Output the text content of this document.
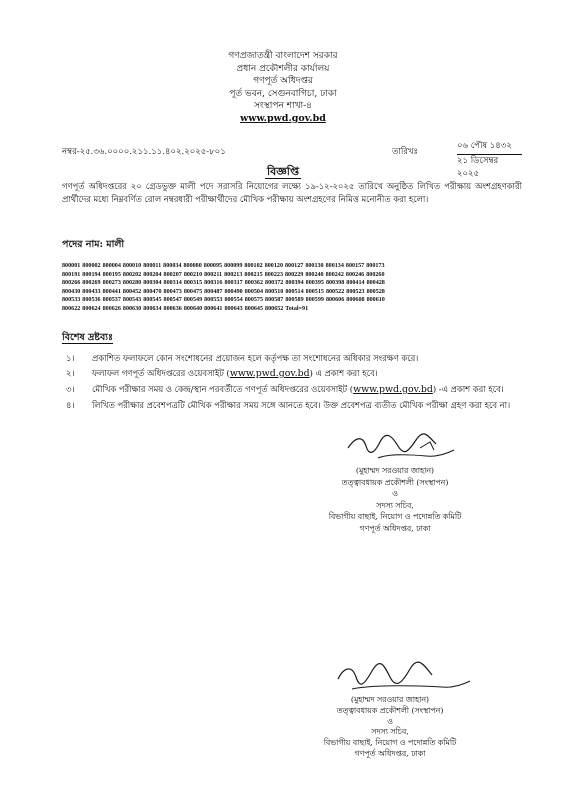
গণপ্রজাতন্ত্রী বাংলাদেশ সরকার
প্রধান প্রকৌশলীর কার্যালয়
গণপূর্ত অধিদপ্তর
পূর্ত ভবন, সেগুনবাগিচা, ঢাকা
সংস্থাপন শাখা-৪
www.pwd.gov.bd
নম্বর-২৫.৩৬.০০০০.২১১.১১.৪০২.২০২৫-৮০১	তারিখঃ
০৬ পৌষ ১৪৩২
২১ ডিসেম্বর ২০২৫
বিজ্ঞপ্তি
গণপূর্ত অধিদপ্তরের ২০ গ্রেডভুক্ত মালী পদে সরাসরি নিয়োগের লক্ষ্যে ১৯-১২-২০২৫ তারিখে অনুষ্ঠিত লিখিত পরীক্ষায় অংশগ্রহণকারী প্রার্থীদের মধ্যে নিম্নবর্ণিত রোল নম্বরধারী পরীক্ষার্থীদের মৌখিক পরীক্ষায় অংশগ্রহণের নিমিত্ত মনোনীত করা হলো।
পদের নাম: মালী
800001 800002 800004 800010 800011 800034 800080 800095 800099 800102 800120 800127 800130 800134 800157 800173
800191 800194 800195 800202 800204 800207 800210 800211 800213 800215 800223 800229 800240 800242 800246 800260
800266 800269 800273 800280 800304 800314 800315 800316 800317 800362 800372 800394 800395 800398 800414 800428
800430 800433 800441 800452 800470 800473 800475 800487 800490 800504 800510 800514 800515 800522 800523 800528
800533 800536 800537 800543 800545 800547 800549 800553 800554 800575 800587 800589 800599 800606 800608 800610
800622 800624 800626 800630 800634 800636 800640 800641 800643 800645 800652 Total=91
বিশেষ দ্রষ্টব্যঃ
১। প্রকাশিত ফলাফলে কোন সংশোধনের প্রয়োজন হলে কর্তৃপক্ষ তা সংশোধনের অধিকার সংরক্ষণ করে।
২। ফলাফল গণপূর্ত অধিদপ্তরের ওয়েবসাইট (www.pwd.gov.bd) এ প্রকাশ করা হবে।
৩। মৌখিক পরীক্ষার সময় ও কেন্দ্র/স্থান পরবর্তীতে গণপূর্ত অধিদপ্তরের ওয়েবসাইট (www.pwd.gov.bd) -এ প্রকাশ করা হবে।
৪। লিখিত পরীক্ষার প্রবেশপত্রটি মৌখিক পরীক্ষার সময় সঙ্গে আনতে হবে। উক্ত প্রবেশপত্র ব্যতীত মৌখিক পরীক্ষা গ্রহণ করা হবে না।
(মুহাম্মদ সরওয়ার জাহান)
তত্ত্বাবধায়ক প্রকৌশলী (সংস্থাপন)
ও
সদস্য সচিব,
বিভাগীয় বাছাই, নিয়োগ ও পদোন্নতি কমিটি
গণপূর্ত অধিদপ্তর, ঢাকা
(মুহাম্মদ সরওয়ার জাহান)
তত্ত্বাবধায়ক প্রকৌশলী (সংস্থাপন)
ও
সদস্য সচিব,
বিভাগীয় বাছাই, নিয়োগ ও পদোন্নতি কমিটি
গণপূর্ত অধিদপ্তর, ঢাকা
